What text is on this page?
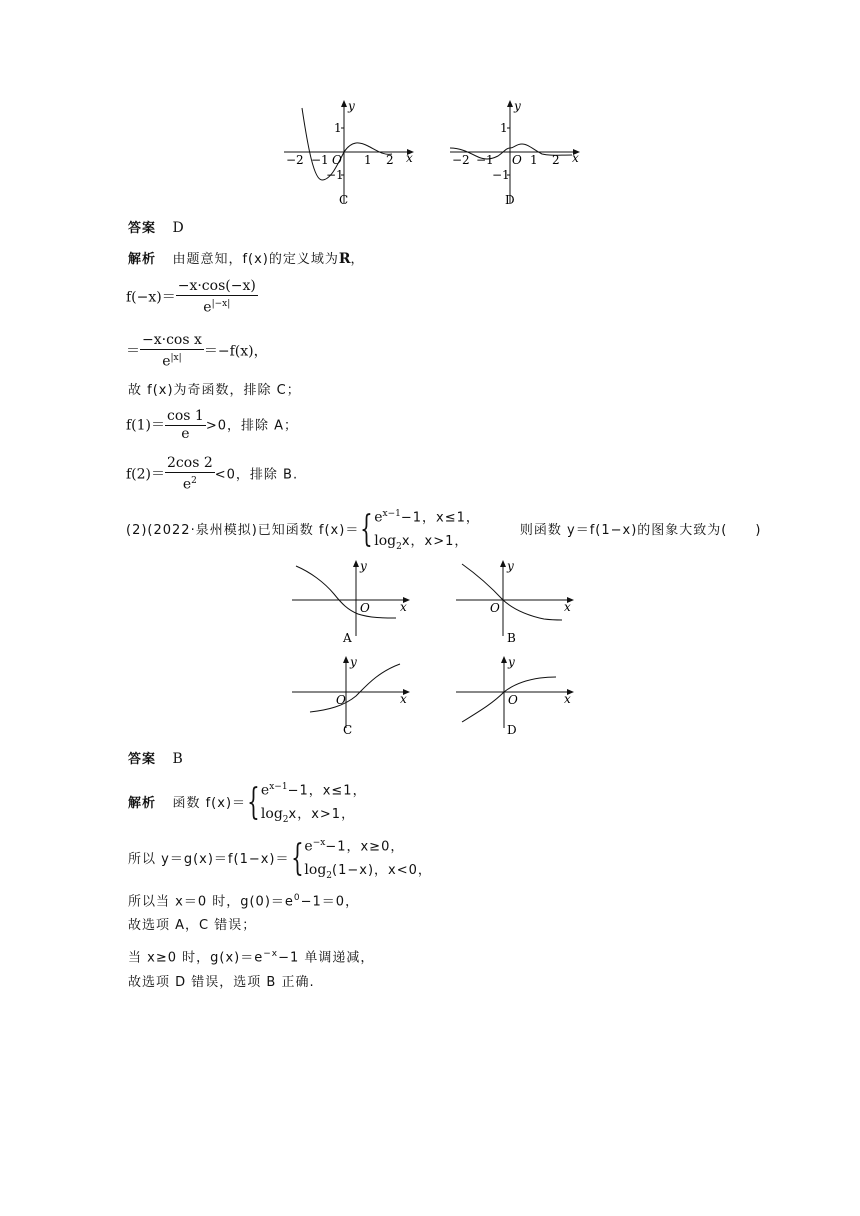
y
x
−2 −1 O 1 2
1
−1
C
y
x
−2 −1 O 1 2
1
−1
D
答案 D
解析 由题意知，f(x)的定义域为R，
$f(-x)= \frac{-x\cdot\cos(-x)}{e^{|-x|}}$
＝ $\frac{\text{−x·cos x}}{e^{|x|}} =-f(x)$，
故 f(x)为奇函数，排除 C；
$f(1)= \frac{\cos 1}{e} >0$，排除 A；
$f(2)= \frac{2\cos 2}{e^2} <0$，排除 B.
(2)(2022·泉州模拟)已知函数 f(x)＝{ $e^{x-1}-1$，x≤1，
$\log_2x$，x>1，
则函数 y＝f(1−x)的图象大致为(　　)
y
x
O
A
y
x
O
B
y
x
O
C
y
x
O
D
答案 B
解析 函数 f(x)＝{ $e^{x-1}-1$，x≤1，
$\log_2x$，x>1，
所以 y＝g(x)＝f(1−x)＝{ $e^{-x}-1$，x≥0，
$\log_2(1-x)$，x<0，
所以当 x＝0 时，$g(0)=e^0-1=0$，
故选项 A，C 错误；
当 x≥0 时，$g(x)=e^{-x}-1$ 单调递减，
故选项 D 错误，选项 B 正确.
